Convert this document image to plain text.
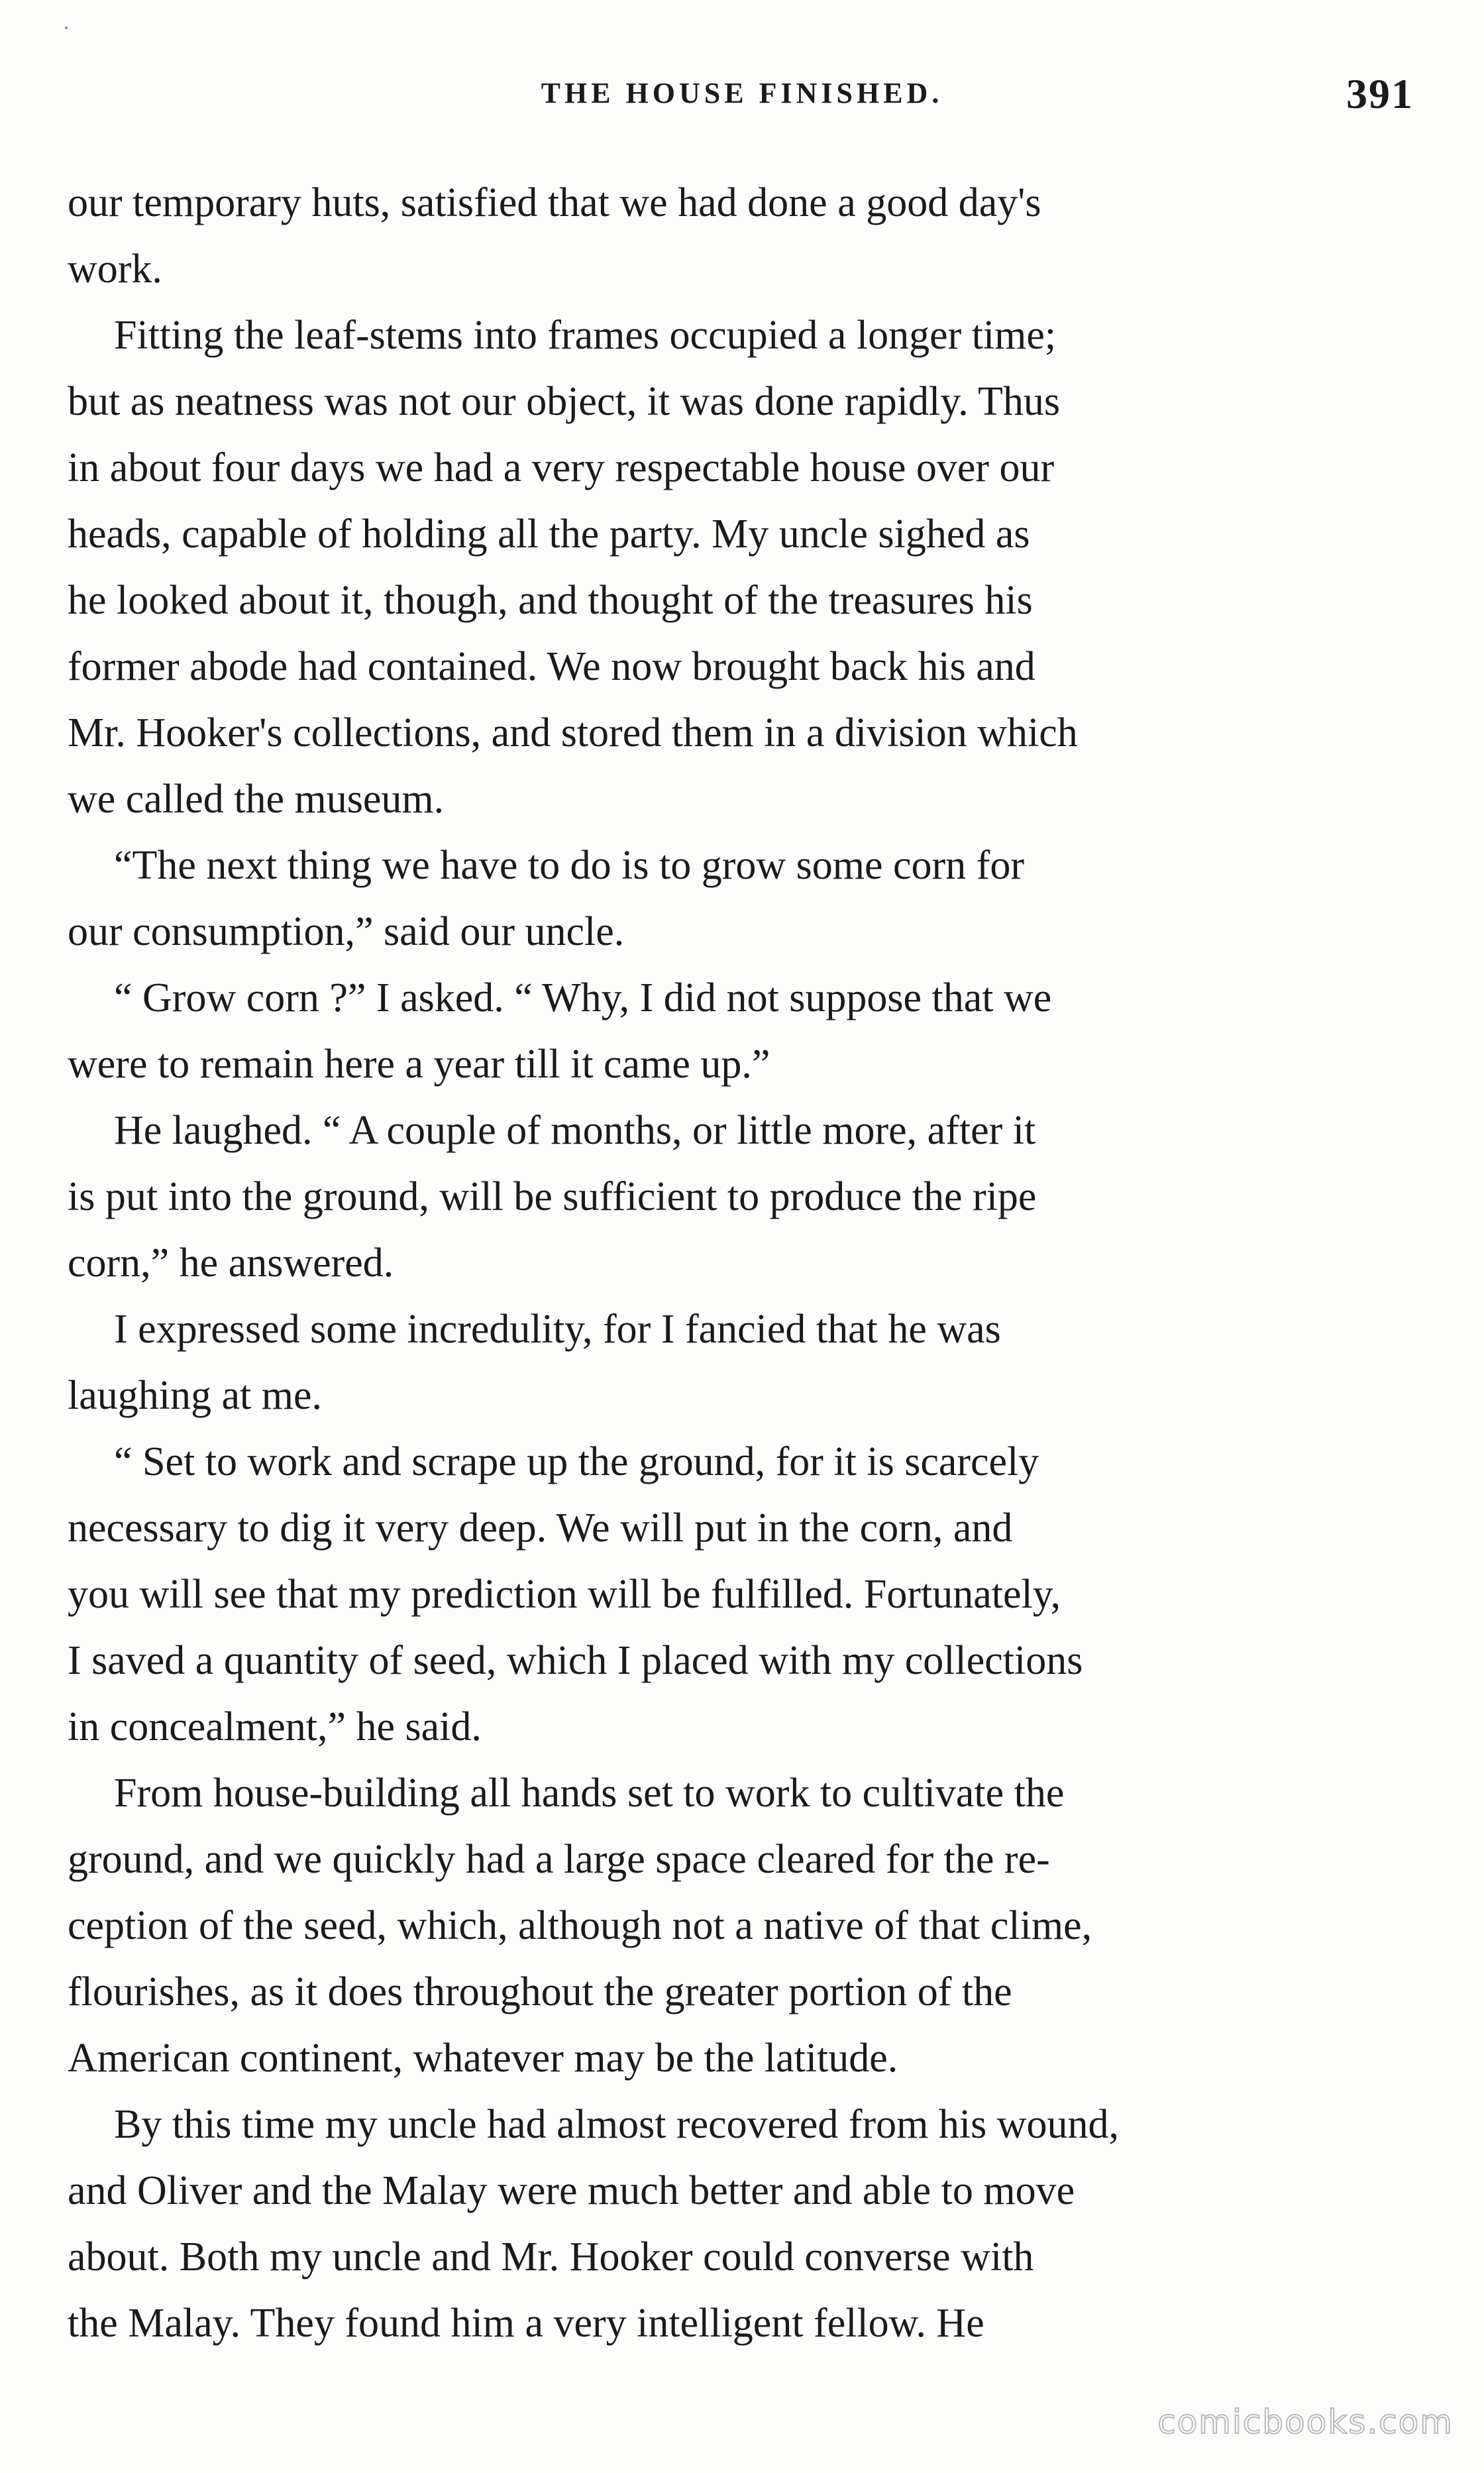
THE HOUSE FINISHED.	391
our temporary huts, satisfied that we had done a good day's
work.
Fitting the leaf-stems into frames occupied a longer time;
but as neatness was not our object, it was done rapidly. Thus
in about four days we had a very respectable house over our
heads, capable of holding all the party. My uncle sighed as
he looked about it, though, and thought of the treasures his
former abode had contained. We now brought back his and
Mr. Hooker's collections, and stored them in a division which
we called the museum.
“The next thing we have to do is to grow some corn for
our consumption,” said our uncle.
“ Grow corn ?” I asked. “ Why, I did not suppose that we
were to remain here a year till it came up.”
He laughed. “ A couple of months, or little more, after it
is put into the ground, will be sufficient to produce the ripe
corn,” he answered.
I expressed some incredulity, for I fancied that he was
laughing at me.
“ Set to work and scrape up the ground, for it is scarcely
necessary to dig it very deep. We will put in the corn, and
you will see that my prediction will be fulfilled. Fortunately,
I saved a quantity of seed, which I placed with my collections
in concealment,” he said.
From house-building all hands set to work to cultivate the
ground, and we quickly had a large space cleared for the re-
ception of the seed, which, although not a native of that clime,
flourishes, as it does throughout the greater portion of the
American continent, whatever may be the latitude.
By this time my uncle had almost recovered from his wound,
and Oliver and the Malay were much better and able to move
about. Both my uncle and Mr. Hooker could converse with
the Malay. They found him a very intelligent fellow. He
comicbooks.com
